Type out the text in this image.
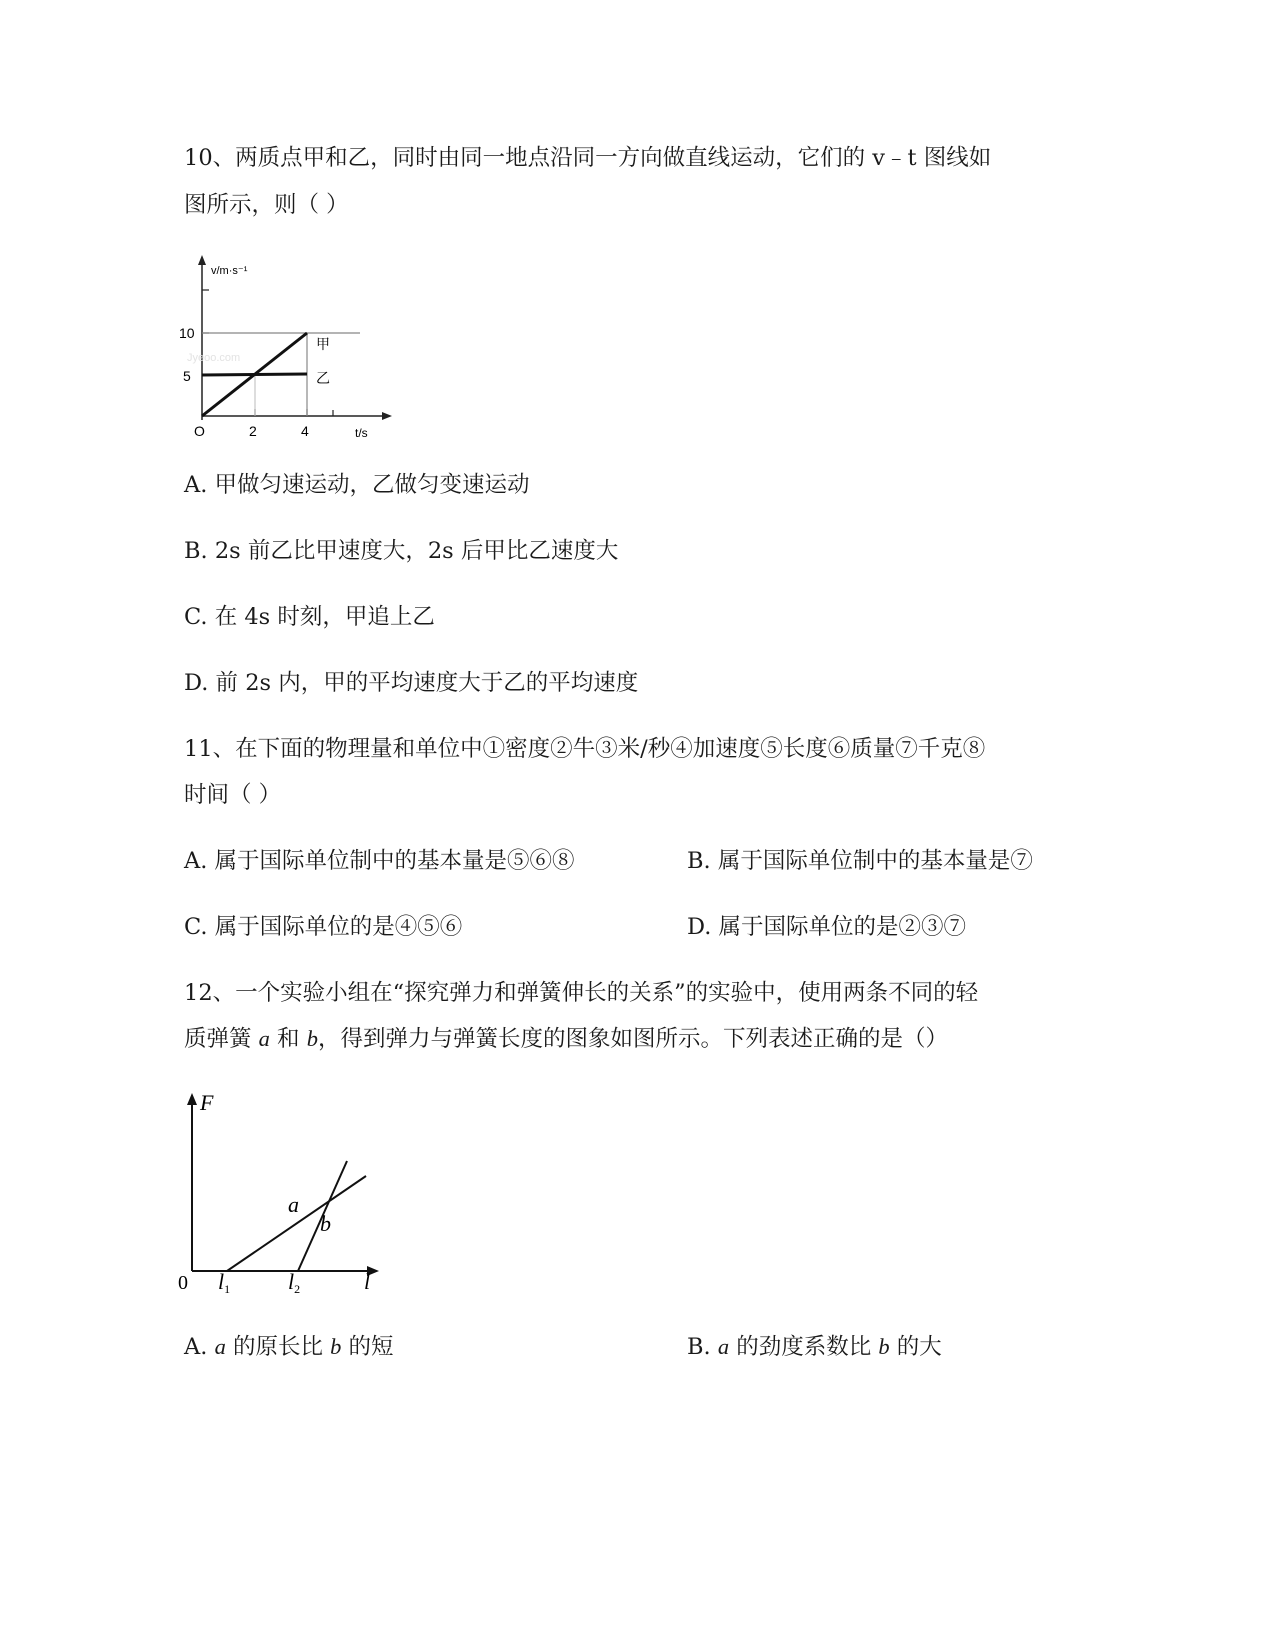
10、两质点甲和乙，同时由同一地点沿同一方向做直线运动，它们的 v﹣t 图线如
图所示，则（ ）
v/m·s⁻¹
10
5
O	2	4	t/s
甲
乙
Jyeoo.com
A. 甲做匀速运动，乙做匀变速运动
B. 2s 前乙比甲速度大，2s 后甲比乙速度大
C. 在 4s 时刻，甲追上乙
D. 前 2s 内，甲的平均速度大于乙的平均速度
11、在下面的物理量和单位中①密度②牛③米/秒④加速度⑤长度⑥质量⑦千克⑧
时间（ ）
A. 属于国际单位制中的基本量是⑤⑥⑧	B. 属于国际单位制中的基本量是⑦
C. 属于国际单位的是④⑤⑥	D. 属于国际单位的是②③⑦
12、一个实验小组在“探究弹力和弹簧伸长的关系”的实验中，使用两条不同的轻
质弹簧 a 和 b，得到弹力与弹簧长度的图象如图所示。下列表述正确的是（）
F
0 l1	l2	l
a
b
A. a 的原长比 b 的短	B. a 的劲度系数比 b 的大
